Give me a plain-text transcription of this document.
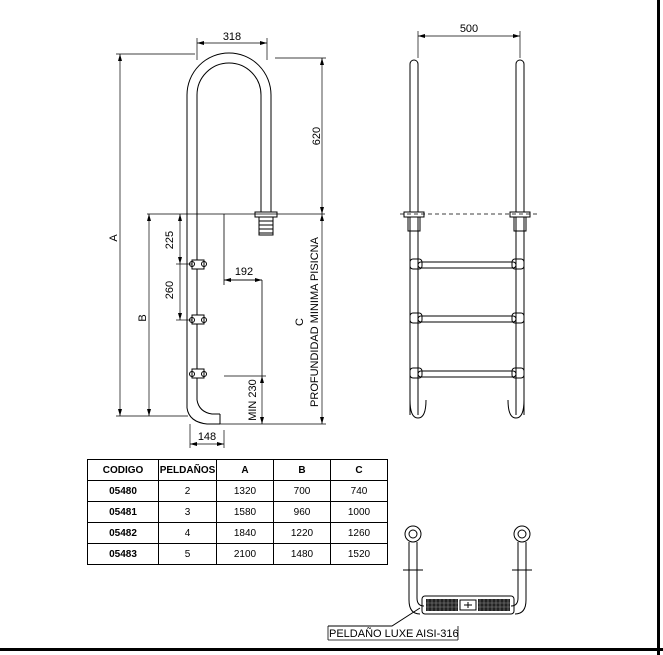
318
620
A	225
260
B
192
C PROFUNDIDAD MINIMA PISICNA
MIN 230
148
500
PELDAÑO LUXE AISI-316
CODIGO	PELDAÑOS	A	B	C
05480	2	1320	700	740
05481	3	1580	960	1000
05482	4	1840	1220	1260
05483	5	2100	1480	1520
